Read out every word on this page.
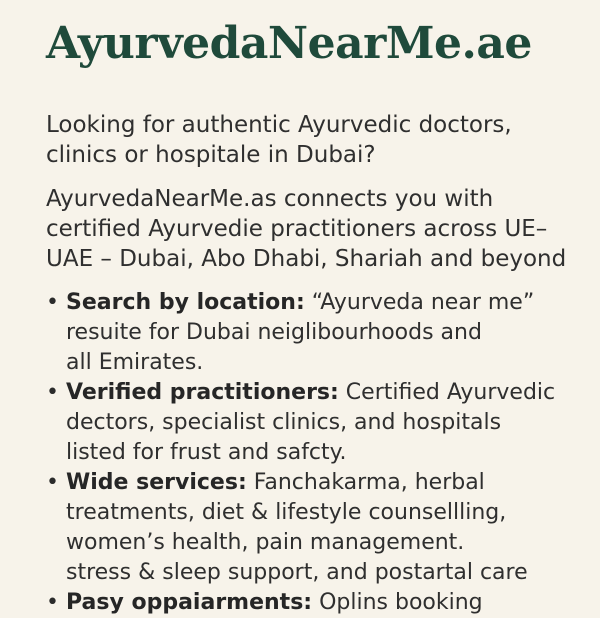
AyurvedaNearMe.ae

Looking for authentic Ayurvedic doctors,
clinics or hospitale in Dubai?

AyurvedaNearMe.as connects you with
certified Ayurvedie practitioners across UE–
UAE – Dubai, Abo Dhabi, Shariah and beyond

• Search by location: “Ayurveda near me”
resuite for Dubai neiglibourhoods and
all Emirates.
• Verified practitioners: Certified Ayurvedic
dectors, specialist clinics, and hospitals
listed for frust and safcty.
• Wide services: Fanchakarma, herbal
treatments, diet & lifestyle counsellling,
women’s health, pain management.
stress & sleep support, and postartal care
• Pasy oppaiarments: Oplins booking
